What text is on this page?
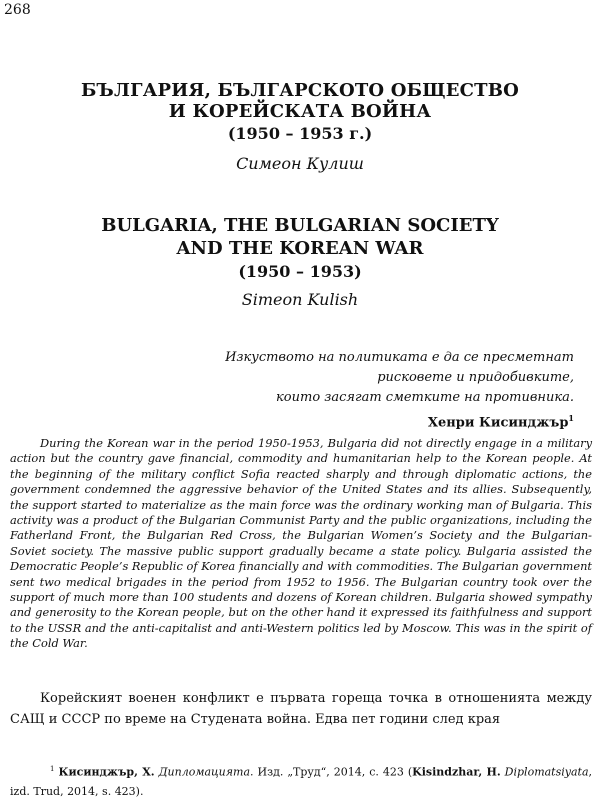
268
БЪЛГАРИЯ, БЪЛГАРСКОТО ОБЩЕСТВО
И КОРЕЙСКАТА ВОЙНА
(1950 – 1953 г.)
Симеон Кулиш
BULGARIA, THE BULGARIAN SOCIETY
AND THE KOREAN WAR
(1950 – 1953)
Simeon Kulish
Изкуството на политиката е да се пресметнат
рисковете и придобивките,
които засягат сметките на противника.
Хенри Кисинджър$^1$

During the Korean war in the period 1950-1953, Bulgaria did not directly engage in a military action but the country gave financial, commodity and humanitarian help to the Korean people. At the beginning of the military conflict Sofia reacted sharply and through diplomatic actions, the government condemned the aggressive behavior of the United States and its allies. Subsequently, the support started to materialize as the main force was the ordinary working man of Bulgaria. This activity was a product of the Bulgarian Communist Party and the public organizations, including the Fatherland Front, the Bulgarian Red Cross, the Bulgarian Women’s Society and the Bulgarian-Soviet society. The massive public support gradually became a state policy. Bulgaria assisted the Democratic People’s Republic of Korea financially and with commodities. The Bulgarian government sent two medical brigades in the period from 1952 to 1956. The Bulgarian country took over the support of much more than 100 students and dozens of Korean children. Bulgaria showed sympathy and generosity to the Korean people, but on the other hand it expressed its faithfulness and support to the USSR and the anti-capitalist and anti-Western politics led by Moscow. This was in the spirit of the Cold War.

Корейският военен конфликт е първата гореща точка в отношенията между САЩ и СССР по време на Студената война. Едва пет години след края

$^1$ Кисинджър, Х. Дипломацията. Изд. „Труд“, 2014, с. 423 (Kisindzhar, H. Diplomatsiyata, izd. Trud, 2014, s. 423).
